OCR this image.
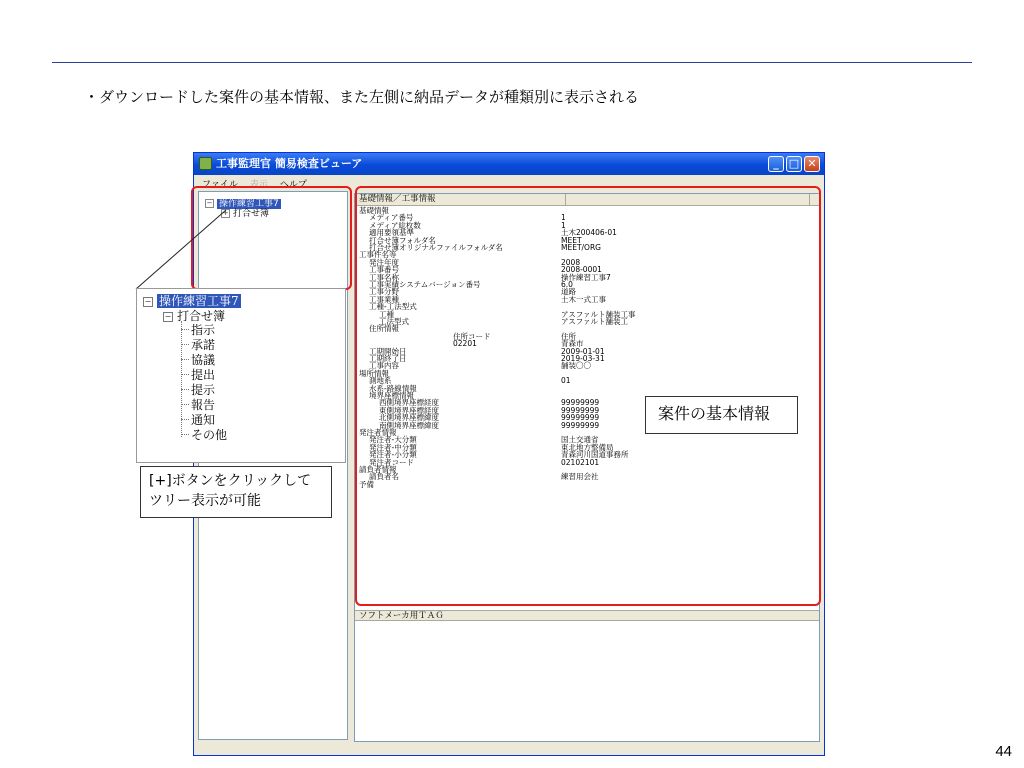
・ダウンロードした案件の基本情報、また左側に納品データが種類別に表示される
工事監理官 簡易検査ビューア	_ □ ✕
ファイル 表示 ヘルプ
− 操作練習工事7
+ 打合せ簿
基礎情報／工事情報
基礎情報
メディア番号	1
メディア総枚数	1
適用要領基準	土木200406-01
打合せ簿フォルダ名	MEET
打合せ簿オリジナルファイルフォルダ名	MEET/ORG
工事件名等
発注年度	2008
工事番号	2008-0001
工事名称	操作練習工事7
工事実績システムバージョン番号	6.0
工事分野	道路
工事業種	土木一式工事
工種-工法型式
工種	アスファルト舗装工事
工法型式	アスファルト舗装工
住所情報
住所コード	住所
02201	青森市
工期開始日	2009-01-01
工期終了日	2019-03-31
工事内容	舗装〇〇
場所情報
測地系	01
水系-路線情報
境界座標情報
西側境界座標経度	99999999
東側境界座標経度	99999999
北側境界座標緯度	99999999
南側境界座標緯度	99999999
発注者情報
発注者-大分類	国土交通省
発注者-中分類	東北地方整備局
発注者-小分類	青森河川国道事務所
発注者コード	02102101
請負者情報
請負者名	練習用会社
予備
ソフトメーカ用ＴＡＧ
− 操作練習工事7
− 打合せ簿
指示
承諾
協議
提出
提示
報告
通知
その他
案件の基本情報
[+]ボタンをクリックして
ツリー表示が可能
44
